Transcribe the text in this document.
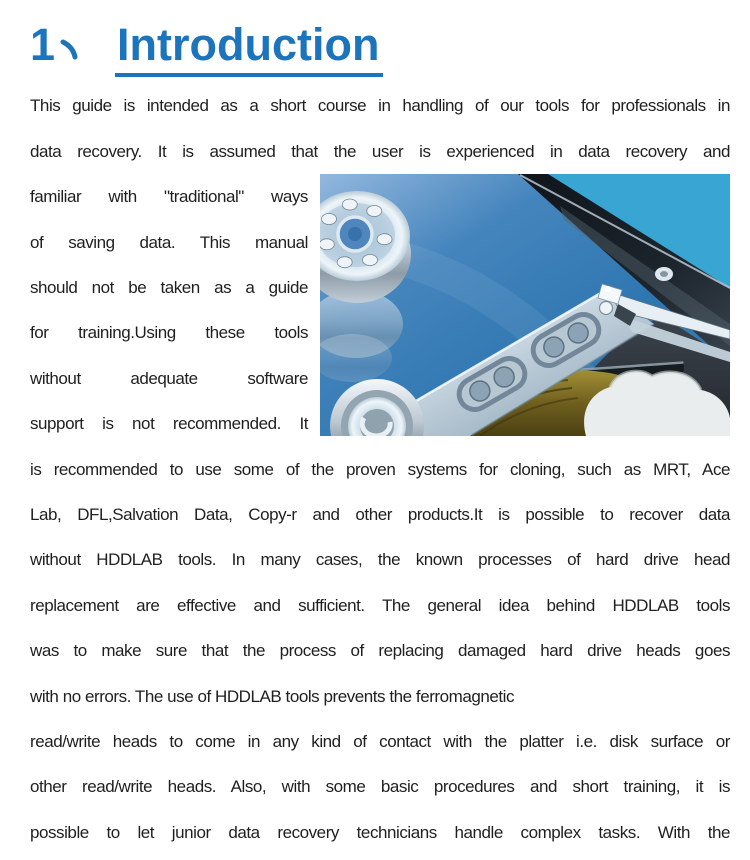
1 Introduction
This guide is intended as a short course in handling of our tools for professionals in
data recovery. It is assumed that the user is experienced in data recovery and
familiar with "traditional" ways
of saving data. This manual
should not be taken as a guide
for training.Using these tools
without adequate software
support is not recommended. It
is recommended to use some of the proven systems for cloning, such as MRT, Ace
Lab, DFL,Salvation Data, Copy-r and other products.It is possible to recover data
without HDDLAB tools. In many cases, the known processes of hard drive head
replacement are effective and sufficient. The general idea behind HDDLAB tools
was to make sure that the process of replacing damaged hard drive heads goes
with no errors. The use of HDDLAB tools prevents the ferromagnetic
read/write heads to come in any kind of contact with the platter i.e. disk surface or
other read/write heads. Also, with some basic procedures and short training, it is
possible to let junior data recovery technicians handle complex tasks. With the
